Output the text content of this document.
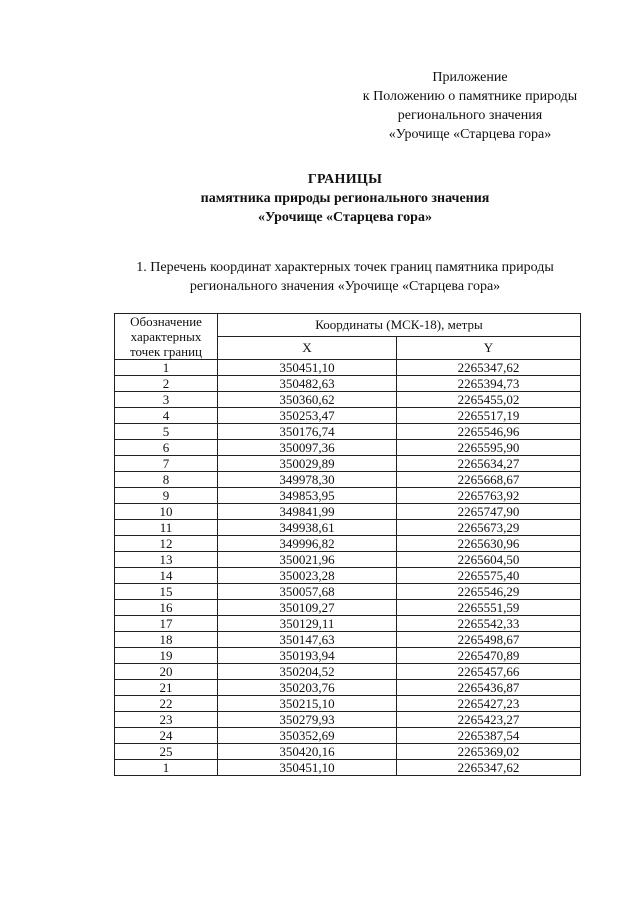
Приложение
к Положению о памятнике природы
регионального значения
«Урочище «Старцева гора»
ГРАНИЦЫ
памятника природы регионального значения
«Урочище «Старцева гора»
1. Перечень координат характерных точек границ памятника природы
регионального значения «Урочище «Старцева гора»
Обозначение характерных точек границ	Координаты (МСК-18), метры	
	X	Y
1	350451,10	2265347,62
2	350482,63	2265394,73
3	350360,62	2265455,02
4	350253,47	2265517,19
5	350176,74	2265546,96
6	350097,36	2265595,90
7	350029,89	2265634,27
8	349978,30	2265668,67
9	349853,95	2265763,92
10	349841,99	2265747,90
11	349938,61	2265673,29
12	349996,82	2265630,96
13	350021,96	2265604,50
14	350023,28	2265575,40
15	350057,68	2265546,29
16	350109,27	2265551,59
17	350129,11	2265542,33
18	350147,63	2265498,67
19	350193,94	2265470,89
20	350204,52	2265457,66
21	350203,76	2265436,87
22	350215,10	2265427,23
23	350279,93	2265423,27
24	350352,69	2265387,54
25	350420,16	2265369,02
1	350451,10	2265347,62
